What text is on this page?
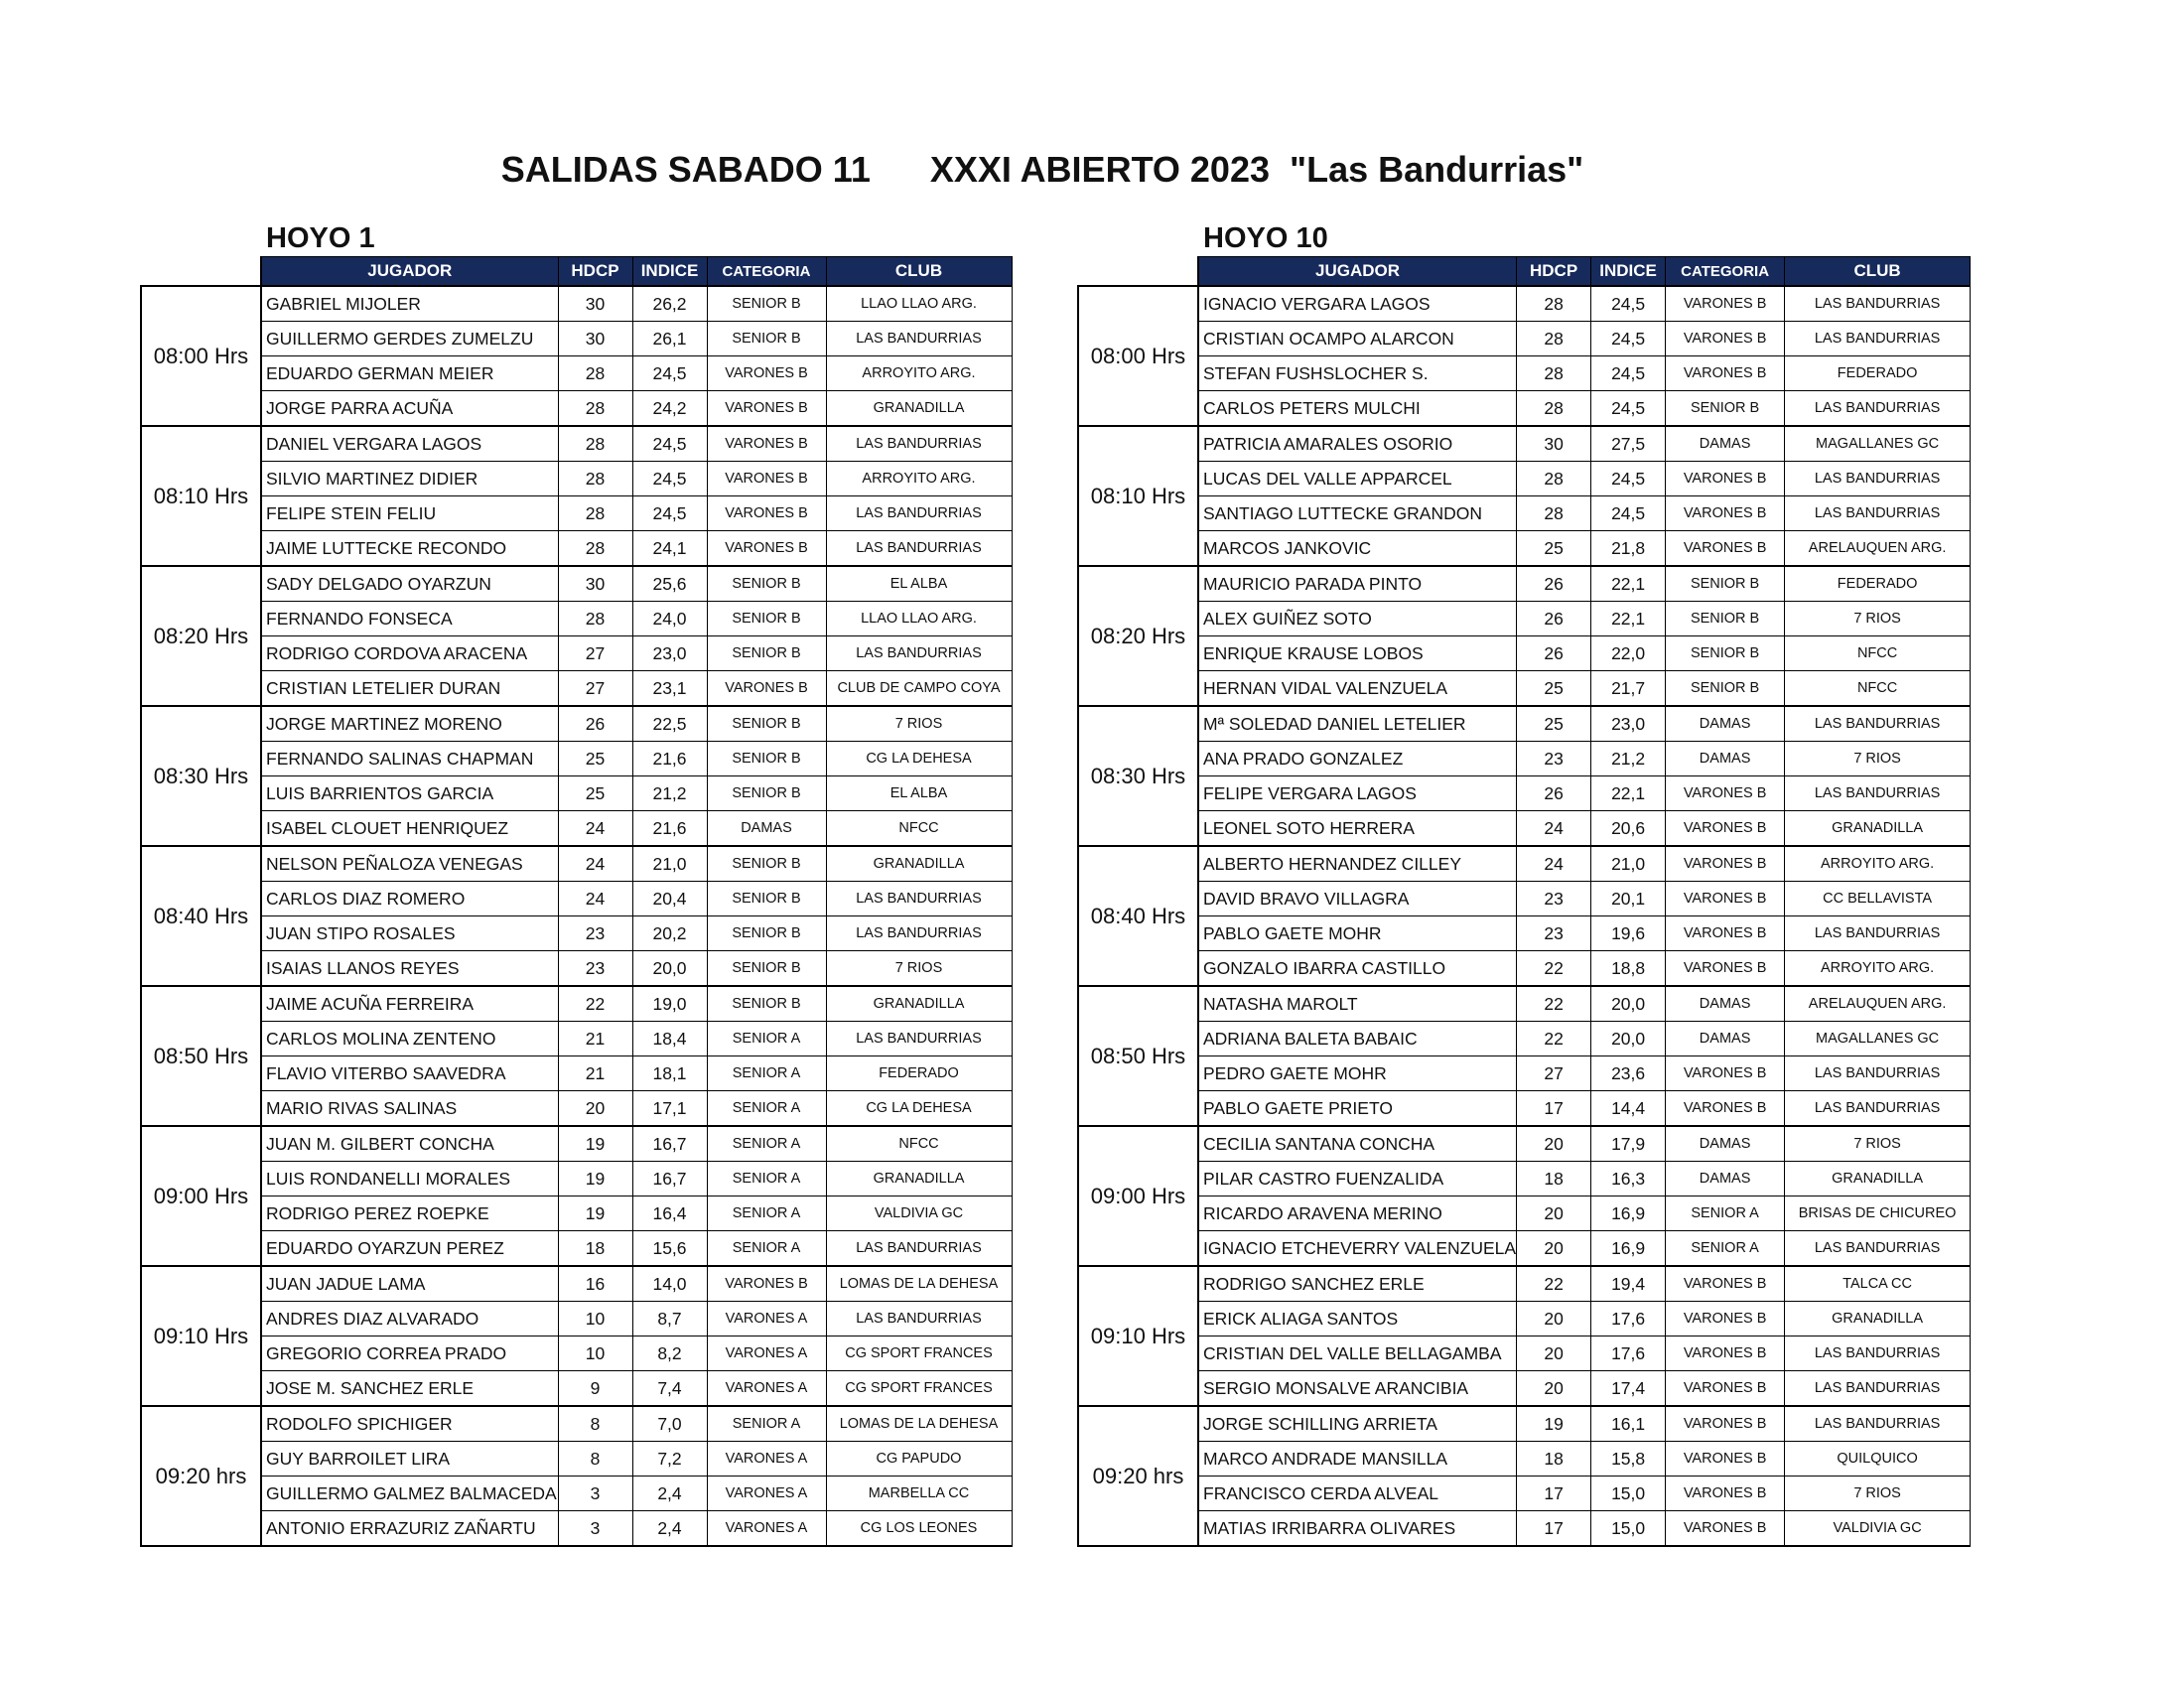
SALIDAS SABADO 11 XXXI ABIERTO 2023  "Las Bandurrias"
HOYO 1	HOYO 10
	JUGADOR	HDCP	INDICE	CATEGORIA	CLUB
08:00 Hrs	GABRIEL MIJOLER	30	26,2	SENIOR B	LLAO LLAO ARG.
	GUILLERMO GERDES ZUMELZU	30	26,1	SENIOR B	LAS BANDURRIAS
	EDUARDO GERMAN MEIER	28	24,5	VARONES B	ARROYITO ARG.
	JORGE PARRA ACUÑA	28	24,2	VARONES B	GRANADILLA
08:10 Hrs	DANIEL VERGARA LAGOS	28	24,5	VARONES B	LAS BANDURRIAS
	SILVIO MARTINEZ DIDIER	28	24,5	VARONES B	ARROYITO ARG.
	FELIPE STEIN FELIU	28	24,5	VARONES B	LAS BANDURRIAS
	JAIME LUTTECKE RECONDO	28	24,1	VARONES B	LAS BANDURRIAS
08:20 Hrs	SADY DELGADO OYARZUN	30	25,6	SENIOR B	EL ALBA
	FERNANDO FONSECA	28	24,0	SENIOR B	LLAO LLAO ARG.
	RODRIGO CORDOVA ARACENA	27	23,0	SENIOR B	LAS BANDURRIAS
	CRISTIAN LETELIER DURAN	27	23,1	VARONES B	CLUB DE CAMPO COYA
08:30 Hrs	JORGE MARTINEZ MORENO	26	22,5	SENIOR B	7 RIOS
	FERNANDO SALINAS CHAPMAN	25	21,6	SENIOR B	CG LA DEHESA
	LUIS BARRIENTOS GARCIA	25	21,2	SENIOR B	EL ALBA
	ISABEL CLOUET HENRIQUEZ	24	21,6	DAMAS	NFCC
08:40 Hrs	NELSON PEÑALOZA VENEGAS	24	21,0	SENIOR B	GRANADILLA
	CARLOS DIAZ ROMERO	24	20,4	SENIOR B	LAS BANDURRIAS
	JUAN STIPO ROSALES	23	20,2	SENIOR B	LAS BANDURRIAS
	ISAIAS LLANOS REYES	23	20,0	SENIOR B	7 RIOS
08:50 Hrs	JAIME ACUÑA FERREIRA	22	19,0	SENIOR B	GRANADILLA
	CARLOS MOLINA ZENTENO	21	18,4	SENIOR A	LAS BANDURRIAS
	FLAVIO VITERBO SAAVEDRA	21	18,1	SENIOR A	FEDERADO
	MARIO RIVAS SALINAS	20	17,1	SENIOR A	CG LA DEHESA
09:00 Hrs	JUAN M. GILBERT CONCHA	19	16,7	SENIOR A	NFCC
	LUIS RONDANELLI MORALES	19	16,7	SENIOR A	GRANADILLA
	RODRIGO PEREZ ROEPKE	19	16,4	SENIOR A	VALDIVIA GC
	EDUARDO OYARZUN PEREZ	18	15,6	SENIOR A	LAS BANDURRIAS
09:10 Hrs	JUAN JADUE LAMA	16	14,0	VARONES B	LOMAS DE LA DEHESA
	ANDRES DIAZ ALVARADO	10	8,7	VARONES A	LAS BANDURRIAS
	GREGORIO CORREA PRADO	10	8,2	VARONES A	CG SPORT FRANCES
	JOSE M. SANCHEZ ERLE	9	7,4	VARONES A	CG SPORT FRANCES
09:20 hrs	RODOLFO SPICHIGER	8	7,0	SENIOR A	LOMAS DE LA DEHESA
	GUY BARROILET LIRA	8	7,2	VARONES A	CG PAPUDO
	GUILLERMO GALMEZ BALMACEDA	3	2,4	VARONES A	MARBELLA CC
	ANTONIO ERRAZURIZ ZAÑARTU	3	2,4	VARONES A	CG LOS LEONES
	JUGADOR	HDCP	INDICE	CATEGORIA	CLUB
08:00 Hrs	IGNACIO VERGARA LAGOS	28	24,5	VARONES B	LAS BANDURRIAS
	CRISTIAN OCAMPO ALARCON	28	24,5	VARONES B	LAS BANDURRIAS
	STEFAN FUSHSLOCHER S.	28	24,5	VARONES B	FEDERADO
	CARLOS PETERS MULCHI	28	24,5	SENIOR B	LAS BANDURRIAS
08:10 Hrs	PATRICIA AMARALES OSORIO	30	27,5	DAMAS	MAGALLANES GC
	LUCAS DEL VALLE APPARCEL	28	24,5	VARONES B	LAS BANDURRIAS
	SANTIAGO LUTTECKE GRANDON	28	24,5	VARONES B	LAS BANDURRIAS
	MARCOS JANKOVIC	25	21,8	VARONES B	ARELAUQUEN ARG.
08:20 Hrs	MAURICIO PARADA PINTO	26	22,1	SENIOR B	FEDERADO
	ALEX GUIÑEZ SOTO	26	22,1	SENIOR B	7 RIOS
	ENRIQUE KRAUSE LOBOS	26	22,0	SENIOR B	NFCC
	HERNAN VIDAL VALENZUELA	25	21,7	SENIOR B	NFCC
08:30 Hrs	Mª SOLEDAD DANIEL LETELIER	25	23,0	DAMAS	LAS BANDURRIAS
	ANA PRADO GONZALEZ	23	21,2	DAMAS	7 RIOS
	FELIPE VERGARA LAGOS	26	22,1	VARONES B	LAS BANDURRIAS
	LEONEL SOTO HERRERA	24	20,6	VARONES B	GRANADILLA
08:40 Hrs	ALBERTO HERNANDEZ CILLEY	24	21,0	VARONES B	ARROYITO ARG.
	DAVID BRAVO VILLAGRA	23	20,1	VARONES B	CC BELLAVISTA
	PABLO GAETE MOHR	23	19,6	VARONES B	LAS BANDURRIAS
	GONZALO IBARRA CASTILLO	22	18,8	VARONES B	ARROYITO ARG.
08:50 Hrs	NATASHA MAROLT	22	20,0	DAMAS	ARELAUQUEN ARG.
	ADRIANA BALETA BABAIC	22	20,0	DAMAS	MAGALLANES GC
	PEDRO GAETE MOHR	27	23,6	VARONES B	LAS BANDURRIAS
	PABLO GAETE PRIETO	17	14,4	VARONES B	LAS BANDURRIAS
09:00 Hrs	CECILIA SANTANA CONCHA	20	17,9	DAMAS	7 RIOS
	PILAR CASTRO FUENZALIDA	18	16,3	DAMAS	GRANADILLA
	RICARDO ARAVENA MERINO	20	16,9	SENIOR A	BRISAS DE CHICUREO
	IGNACIO ETCHEVERRY VALENZUELA	20	16,9	SENIOR A	LAS BANDURRIAS
09:10 Hrs	RODRIGO SANCHEZ ERLE	22	19,4	VARONES B	TALCA CC
	ERICK ALIAGA SANTOS	20	17,6	VARONES B	GRANADILLA
	CRISTIAN DEL VALLE BELLAGAMBA	20	17,6	VARONES B	LAS BANDURRIAS
	SERGIO MONSALVE ARANCIBIA	20	17,4	VARONES B	LAS BANDURRIAS
09:20 hrs	JORGE SCHILLING ARRIETA	19	16,1	VARONES B	LAS BANDURRIAS
	MARCO ANDRADE MANSILLA	18	15,8	VARONES B	QUILQUICO
	FRANCISCO CERDA ALVEAL	17	15,0	VARONES B	7 RIOS
	MATIAS IRRIBARRA OLIVARES	17	15,0	VARONES B	VALDIVIA GC
